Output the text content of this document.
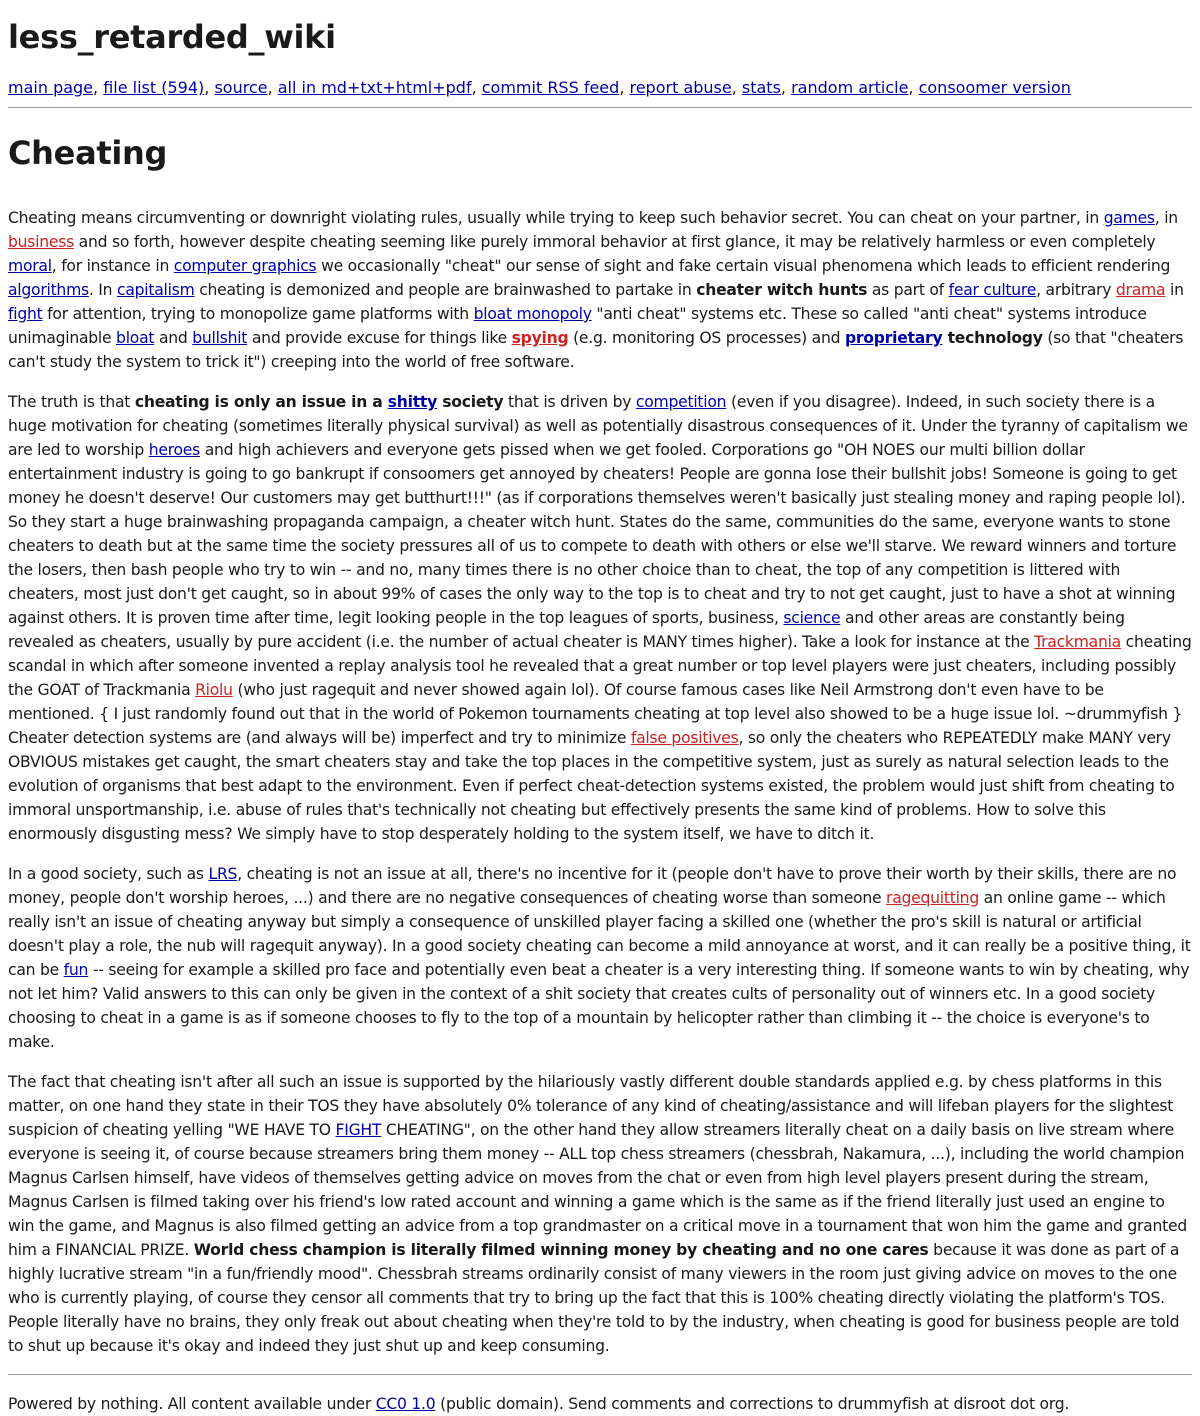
less_retarded_wiki
main page, file list (594), source, all in md+txt+html+pdf, commit RSS feed, report abuse, stats, random article, consoomer version
Cheating

Cheating means circumventing or downright violating rules, usually while trying to keep such behavior secret. You can cheat on your partner, in games, in business and so forth, however despite cheating seeming like purely immoral behavior at first glance, it may be relatively harmless or even completely moral, for instance in computer graphics we occasionally "cheat" our sense of sight and fake certain visual phenomena which leads to efficient rendering algorithms. In capitalism cheating is demonized and people are brainwashed to partake in cheater witch hunts as part of fear culture, arbitrary drama in fight for attention, trying to monopolize game platforms with bloat monopoly "anti cheat" systems etc. These so called "anti cheat" systems introduce unimaginable bloat and bullshit and provide excuse for things like spying (e.g. monitoring OS processes) and proprietary technology (so that "cheaters can't study the system to trick it") creeping into the world of free software.

The truth is that cheating is only an issue in a shitty society that is driven by competition (even if you disagree). Indeed, in such society there is a huge motivation for cheating (sometimes literally physical survival) as well as potentially disastrous consequences of it. Under the tyranny of capitalism we are led to worship heroes and high achievers and everyone gets pissed when we get fooled. Corporations go "OH NOES our multi billion dollar entertainment industry is going to go bankrupt if consoomers get annoyed by cheaters! People are gonna lose their bullshit jobs! Someone is going to get money he doesn't deserve! Our customers may get butthurt!!!" (as if corporations themselves weren't basically just stealing money and raping people lol). So they start a huge brainwashing propaganda campaign, a cheater witch hunt. States do the same, communities do the same, everyone wants to stone cheaters to death but at the same time the society pressures all of us to compete to death with others or else we'll starve. We reward winners and torture the losers, then bash people who try to win -- and no, many times there is no other choice than to cheat, the top of any competition is littered with cheaters, most just don't get caught, so in about 99% of cases the only way to the top is to cheat and try to not get caught, just to have a shot at winning against others. It is proven time after time, legit looking people in the top leagues of sports, business, science and other areas are constantly being revealed as cheaters, usually by pure accident (i.e. the number of actual cheater is MANY times higher). Take a look for instance at the Trackmania cheating scandal in which after someone invented a replay analysis tool he revealed that a great number or top level players were just cheaters, including possibly the GOAT of Trackmania Riolu (who just ragequit and never showed again lol). Of course famous cases like Neil Armstrong don't even have to be mentioned. { I just randomly found out that in the world of Pokemon tournaments cheating at top level also showed to be a huge issue lol. ~drummyfish } Cheater detection systems are (and always will be) imperfect and try to minimize false positives, so only the cheaters who REPEATEDLY make MANY very OBVIOUS mistakes get caught, the smart cheaters stay and take the top places in the competitive system, just as surely as natural selection leads to the evolution of organisms that best adapt to the environment. Even if perfect cheat-detection systems existed, the problem would just shift from cheating to immoral unsportmanship, i.e. abuse of rules that's technically not cheating but effectively presents the same kind of problems. How to solve this enormously disgusting mess? We simply have to stop desperately holding to the system itself, we have to ditch it.

In a good society, such as LRS, cheating is not an issue at all, there's no incentive for it (people don't have to prove their worth by their skills, there are no money, people don't worship heroes, ...) and there are no negative consequences of cheating worse than someone ragequitting an online game -- which really isn't an issue of cheating anyway but simply a consequence of unskilled player facing a skilled one (whether the pro's skill is natural or artificial doesn't play a role, the nub will ragequit anyway). In a good society cheating can become a mild annoyance at worst, and it can really be a positive thing, it can be fun -- seeing for example a skilled pro face and potentially even beat a cheater is a very interesting thing. If someone wants to win by cheating, why not let him? Valid answers to this can only be given in the context of a shit society that creates cults of personality out of winners etc. In a good society choosing to cheat in a game is as if someone chooses to fly to the top of a mountain by helicopter rather than climbing it -- the choice is everyone's to make.

The fact that cheating isn't after all such an issue is supported by the hilariously vastly different double standards applied e.g. by chess platforms in this matter, on one hand they state in their TOS they have absolutely 0% tolerance of any kind of cheating/assistance and will lifeban players for the slightest suspicion of cheating yelling "WE HAVE TO FIGHT CHEATING", on the other hand they allow streamers literally cheat on a daily basis on live stream where everyone is seeing it, of course because streamers bring them money -- ALL top chess streamers (chessbrah, Nakamura, ...), including the world champion Magnus Carlsen himself, have videos of themselves getting advice on moves from the chat or even from high level players present during the stream, Magnus Carlsen is filmed taking over his friend's low rated account and winning a game which is the same as if the friend literally just used an engine to win the game, and Magnus is also filmed getting an advice from a top grandmaster on a critical move in a tournament that won him the game and granted him a FINANCIAL PRIZE. World chess champion is literally filmed winning money by cheating and no one cares because it was done as part of a highly lucrative stream "in a fun/friendly mood". Chessbrah streams ordinarily consist of many viewers in the room just giving advice on moves to the one who is currently playing, of course they censor all comments that try to bring up the fact that this is 100% cheating directly violating the platform's TOS. People literally have no brains, they only freak out about cheating when they're told to by the industry, when cheating is good for business people are told to shut up because it's okay and indeed they just shut up and keep consuming.

Powered by nothing. All content available under CC0 1.0 (public domain). Send comments and corrections to drummyfish at disroot dot org.
